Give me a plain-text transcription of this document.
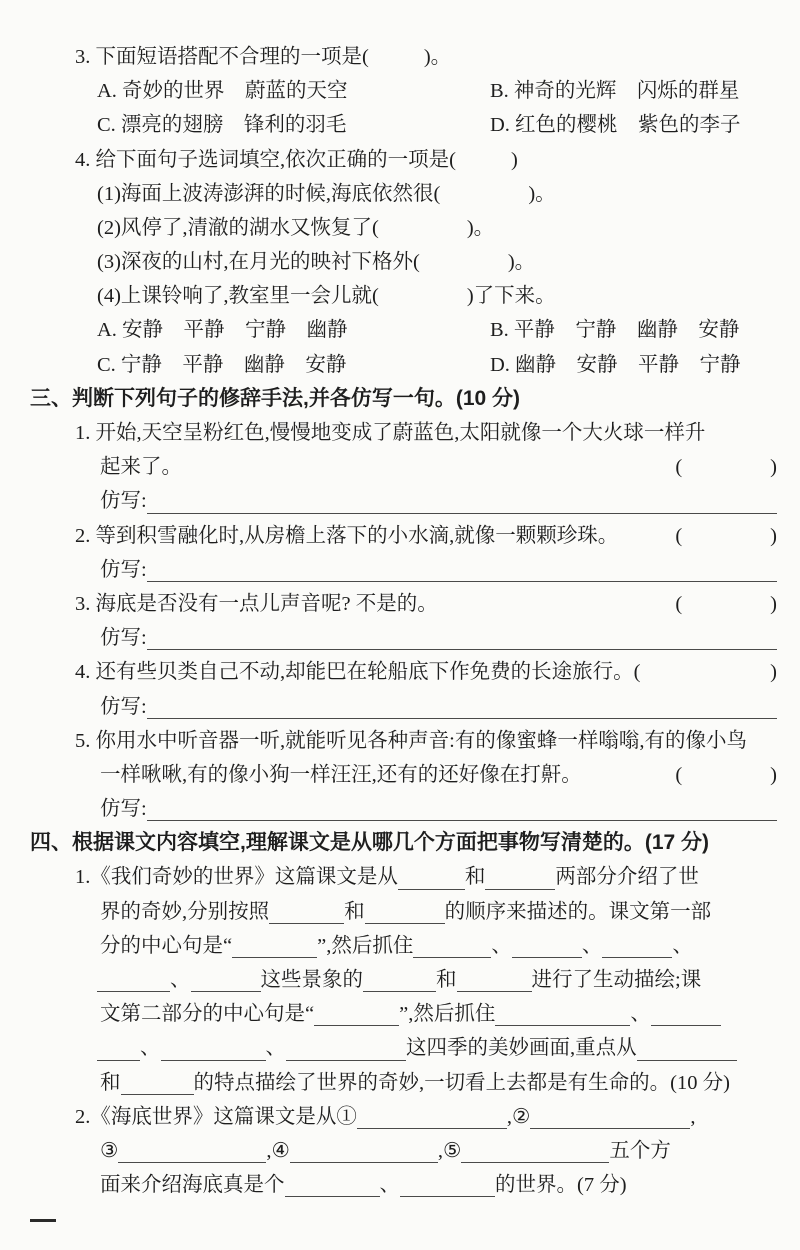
3. 下面短语搭配不合理的一项是(	)。
A. 奇妙的世界　蔚蓝的天空	B. 神奇的光辉　闪烁的群星
C. 漂亮的翅膀　锋利的羽毛	D. 红色的樱桃　紫色的李子
4. 给下面句子选词填空,依次正确的一项是(	)
(1)海面上波涛澎湃的时候,海底依然很(	)。
(2)风停了,清澈的湖水又恢复了(	)。
(3)深夜的山村,在月光的映衬下格外(	)。
(4)上课铃响了,教室里一会儿就(	)了下来。
A. 安静　平静　宁静　幽静	B. 平静　宁静　幽静　安静
C. 宁静　平静　幽静　安静	D. 幽静　安静　平静　宁静
三、判断下列句子的修辞手法,并各仿写一句。(10 分)
1. 开始,天空呈粉红色,慢慢地变成了蔚蓝色,太阳就像一个大火球一样升
起来了。	(	)
仿写:
2. 等到积雪融化时,从房檐上落下的小水滴,就像一颗颗珍珠。	(	)
仿写:
3. 海底是否没有一点儿声音呢? 不是的。	(	)
仿写:
4. 还有些贝类自己不动,却能巴在轮船底下作免费的长途旅行。(	)
仿写:
5. 你用水中听音器一听,就能听见各种声音:有的像蜜蜂一样嗡嗡,有的像小鸟
一样啾啾,有的像小狗一样汪汪,还有的还好像在打鼾。	(	)
仿写:
四、根据课文内容填空,理解课文是从哪几个方面把事物写清楚的。(17 分)
1.《我们奇妙的世界》这篇课文是从	和	两部分介绍了世
界的奇妙,分别按照	和	的顺序来描述的。课文第一部
分的中心句是“	”,然后抓住	、	、	、
、	这些景象的	和	进行了生动描绘;课
文第二部分的中心句是“	”,然后抓住	、
、	、	这四季的美妙画面,重点从
和	的特点描绘了世界的奇妙,一切看上去都是有生命的。(10 分)
2.《海底世界》这篇课文是从①	,②	,
③	,④	,⑤	五个方
面来介绍海底真是个	、	的世界。(7 分)
